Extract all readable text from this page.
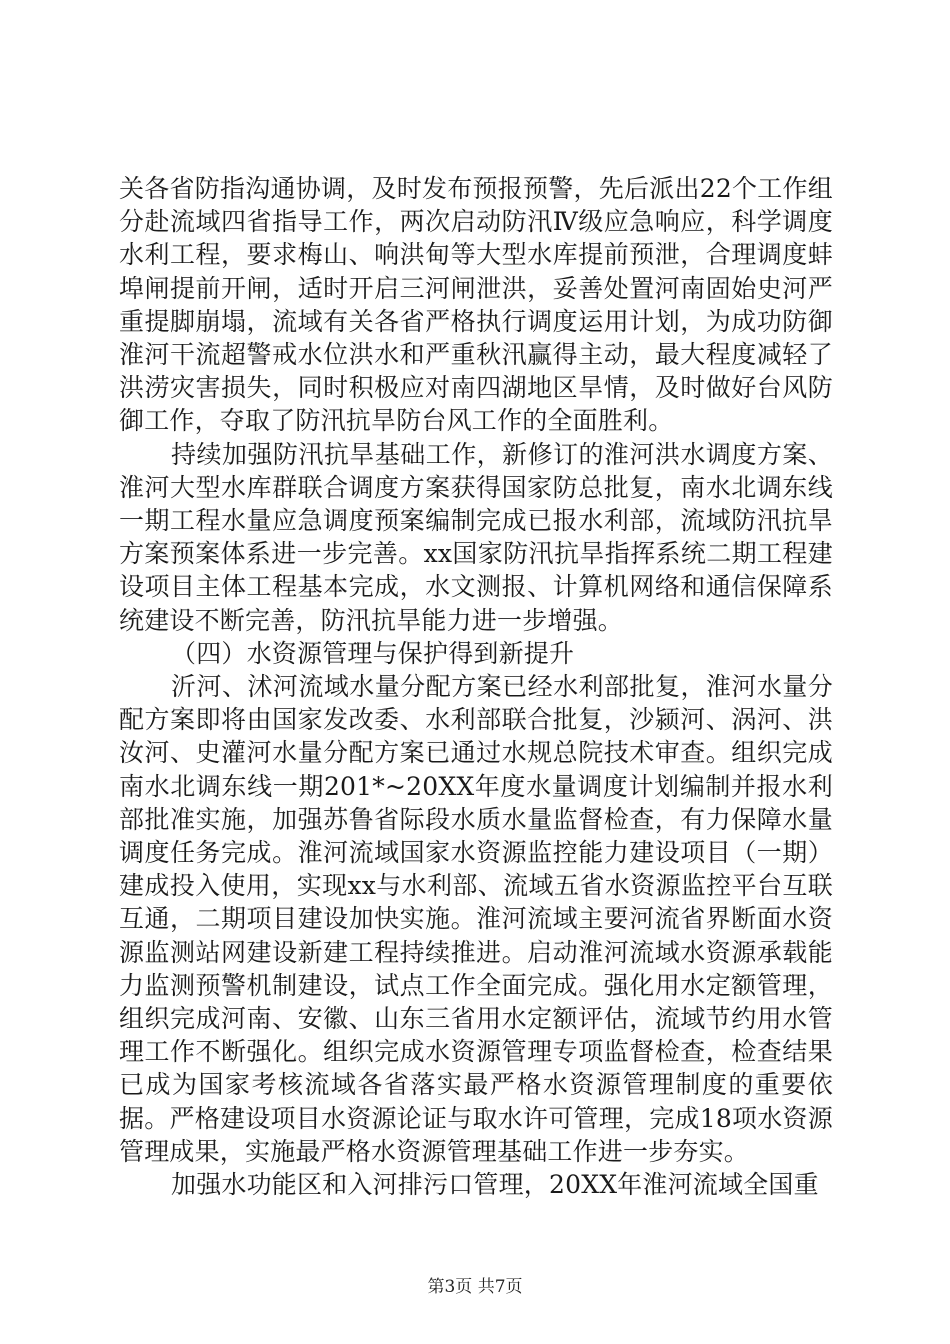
关各省防指沟通协调，及时发布预报预警，先后派出22个工作组分赴流域四省指导工作，两次启动防汛Ⅳ级应急响应，科学调度水利工程，要求梅山、响洪甸等大型水库提前预泄，合理调度蚌埠闸提前开闸，适时开启三河闸泄洪，妥善处置河南固始史河严重提脚崩塌，流域有关各省严格执行调度运用计划，为成功防御淮河干流超警戒水位洪水和严重秋汛赢得主动，最大程度减轻了洪涝灾害损失，同时积极应对南四湖地区旱情，及时做好台风防御工作，夺取了防汛抗旱防台风工作的全面胜利。

持续加强防汛抗旱基础工作，新修订的淮河洪水调度方案、淮河大型水库群联合调度方案获得国家防总批复，南水北调东线一期工程水量应急调度预案编制完成已报水利部，流域防汛抗旱方案预案体系进一步完善。xx国家防汛抗旱指挥系统二期工程建设项目主体工程基本完成，水文测报、计算机网络和通信保障系统建设不断完善，防汛抗旱能力进一步增强。

（四）水资源管理与保护得到新提升

沂河、沭河流域水量分配方案已经水利部批复，淮河水量分配方案即将由国家发改委、水利部联合批复，沙颍河、涡河、洪汝河、史灌河水量分配方案已通过水规总院技术审查。组织完成南水北调东线一期201*~20XX年度水量调度计划编制并报水利部批准实施，加强苏鲁省际段水质水量监督检查，有力保障水量调度任务完成。淮河流域国家水资源监控能力建设项目（一期）建成投入使用，实现xx与水利部、流域五省水资源监控平台互联互通，二期项目建设加快实施。淮河流域主要河流省界断面水资源监测站网建设新建工程持续推进。启动淮河流域水资源承载能力监测预警机制建设，试点工作全面完成。强化用水定额管理，组织完成河南、安徽、山东三省用水定额评估，流域节约用水管理工作不断强化。组织完成水资源管理专项监督检查，检查结果已成为国家考核流域各省落实最严格水资源管理制度的重要依据。严格建设项目水资源论证与取水许可管理，完成18项水资源管理成果，实施最严格水资源管理基础工作进一步夯实。

加强水功能区和入河排污口管理，20XX年淮河流域全国重

第3页 共7页
